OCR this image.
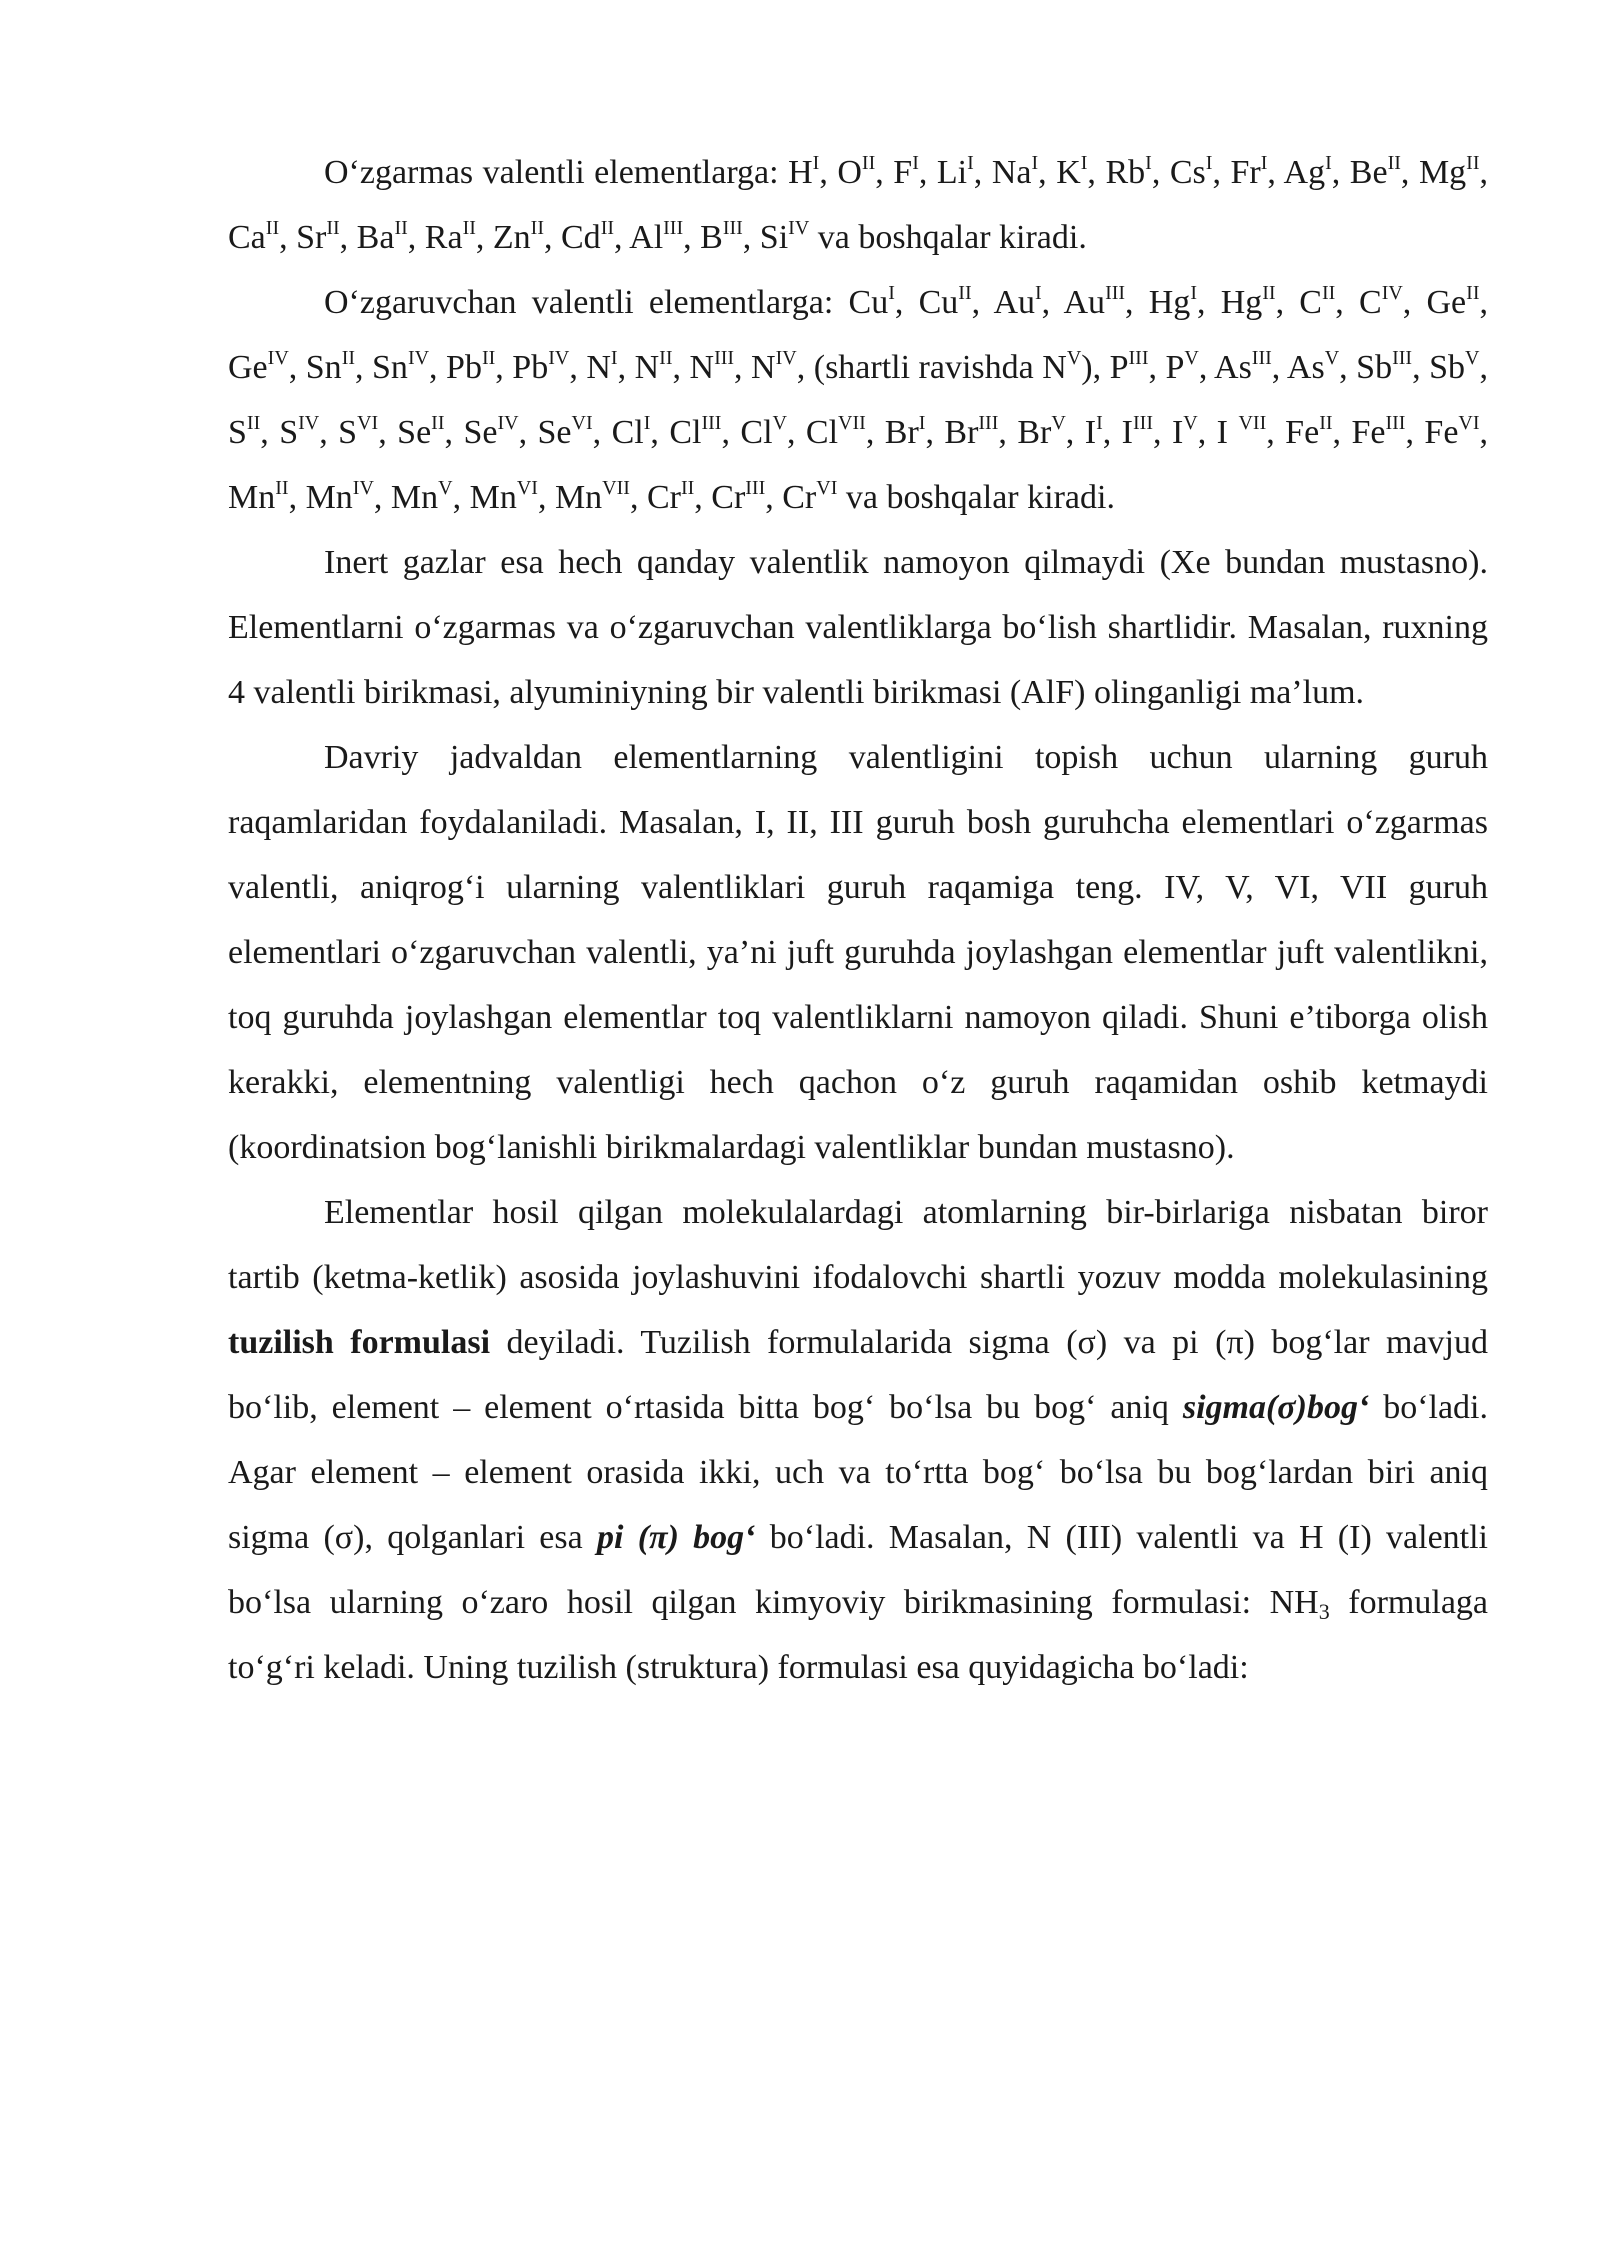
O‘zgarmas valentli elementlarga: $H^I$, $O^{II}$, $F^I$, $Li^I$, $Na^I$, $K^I$, $Rb^I$, $Cs^I$, $Fr^I$, $Ag^I$, $Be^{II}$, $Mg^{II}$, $Ca^{II}$, $Sr^{II}$, $Ba^{II}$, $Ra^{II}$, $Zn^{II}$, $Cd^{II}$, $Al^{III}$, $B^{III}$, $Si^{IV}$ va boshqalar kiradi.

O‘zgaruvchan valentli elementlarga: $Cu^I$, $Cu^{II}$, $Au^I$, $Au^{III}$, $Hg^I$, $Hg^{II}$, $C^{II}$, $C^{IV}$, $Ge^{II}$, $Ge^{IV}$, $Sn^{II}$, $Sn^{IV}$, $Pb^{II}$, $Pb^{IV}$, $N^I$, $N^{II}$, $N^{III}$, $N^{IV}$, (shartli ravishda $N^V$), $P^{III}$, $P^V$, $As^{III}$, $As^V$, $Sb^{III}$, $Sb^V$, $S^{II}$, $S^{IV}$, $S^{VI}$, $Se^{II}$, $Se^{IV}$, $Se^{VI}$, $Cl^I$, $Cl^{III}$, $Cl^V$, $Cl^{VII}$, $Br^I$, $Br^{III}$, $Br^V$, $I^I$, $I^{III}$, $I^V$, I $^{VII}$, $Fe^{II}$, $Fe^{III}$, $Fe^{VI}$, $Mn^{II}$, $Mn^{IV}$, $Mn^V$, $Mn^{VI}$, $Mn^{VII}$, $Cr^{II}$, $Cr^{III}$, $Cr^{VI}$ va boshqalar kiradi.

Inert gazlar esa hech qanday valentlik namoyon qilmaydi (Xe bundan mustasno). Elementlarni o‘zgarmas va o‘zgaruvchan valentliklarga bo‘lish shartlidir. Masalan, ruxning 4 valentli birikmasi, alyuminiyning bir valentli birikmasi (AlF) olinganligi ma’lum.

Davriy jadvaldan elementlarning valentligini topish uchun ularning guruh raqamlaridan foydalaniladi. Masalan, I, II, III guruh bosh guruhcha elementlari o‘zgarmas valentli, aniqrog‘i ularning valentliklari guruh raqamiga teng. IV, V, VI, VII guruh elementlari o‘zgaruvchan valentli, ya’ni juft guruhda joylashgan elementlar juft valentlikni, toq guruhda joylashgan elementlar toq valentliklarni namoyon qiladi. Shuni e’tiborga olish kerakki, elementning valentligi hech qachon o‘z guruh raqamidan oshib ketmaydi (koordinatsion bog‘lanishli birikmalardagi valentliklar bundan mustasno).

Elementlar hosil qilgan molekulalardagi atomlarning bir-birlariga nisbatan biror tartib (ketma-ketlik) asosida joylashuvini ifodalovchi shartli yozuv modda molekulasining tuzilish formulasi deyiladi. Tuzilish formulalarida sigma (σ) va pi (π) bog‘lar mavjud bo‘lib, element – element o‘rtasida bitta bog‘ bo‘lsa bu bog‘ aniq sigma(σ)bog‘ bo‘ladi. Agar element – element orasida ikki, uch va to‘rtta bog‘ bo‘lsa bu bog‘lardan biri aniq sigma (σ), qolganlari esa pi (π) bog‘ bo‘ladi. Masalan, N (III) valentli va H (I) valentli bo‘lsa ularning o‘zaro hosil qilgan kimyoviy birikmasining formulasi: $NH_3$ formulaga to‘g‘ri keladi. Uning tuzilish (struktura) formulasi esa quyidagicha bo‘ladi:
